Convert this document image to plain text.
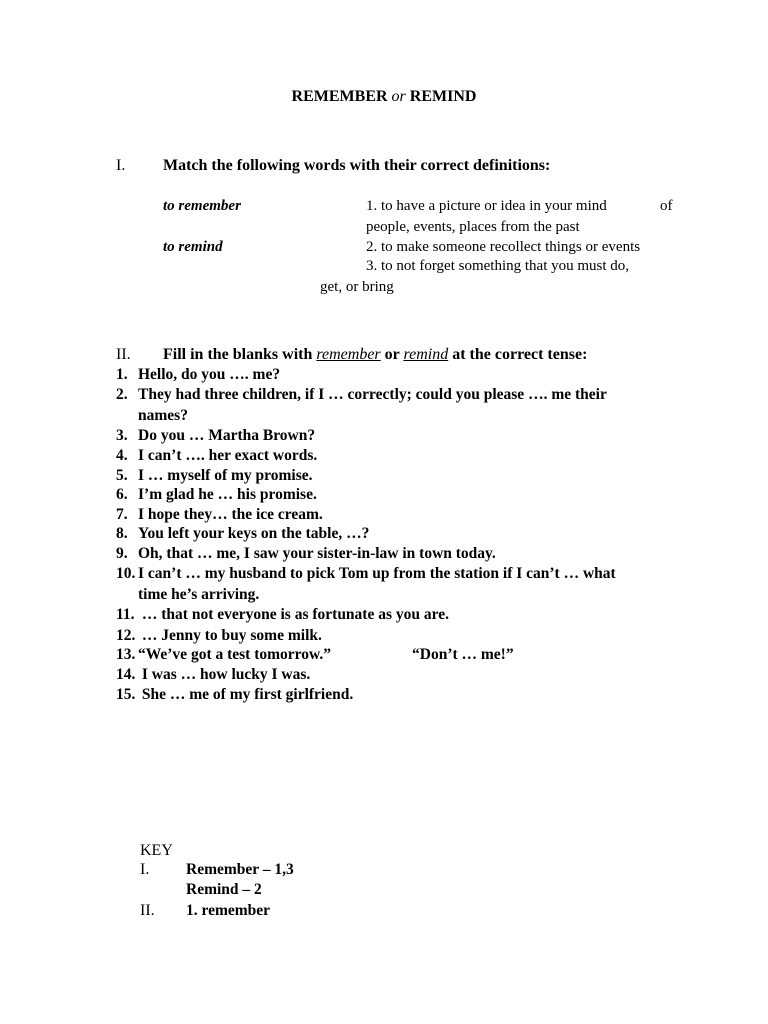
REMEMBER or REMIND
I. Match the following words with their correct definitions:
to remember
to remind
1. to have a picture or idea in your mind	of
people, events, places from the past
2. to make someone recollect things or events
3. to not forget something that you must do,
get, or bring
II. Fill in the blanks with remember or remind at the correct tense:
1. Hello, do you …. me?
2. They had three children, if I … correctly; could you please …. me their
names?
3. Do you … Martha Brown?
4. I can’t …. her exact words.
5. I … myself of my promise.
6. I’m glad he … his promise.
7. I hope they… the ice cream.
8. You left your keys on the table, …?
9. Oh, that … me, I saw your sister-in-law in town today.
10. I can’t … my husband to pick Tom up from the station if I can’t … what
time he’s arriving.
11. … that not everyone is as fortunate as you are.
12. … Jenny to buy some milk.
13. “We’ve got a test tomorrow.”	“Don’t … me!”
14. I was … how lucky I was.
15. She … me of my first girlfriend.
KEY
I. Remember – 1,3
Remind – 2
II. 1. remember
